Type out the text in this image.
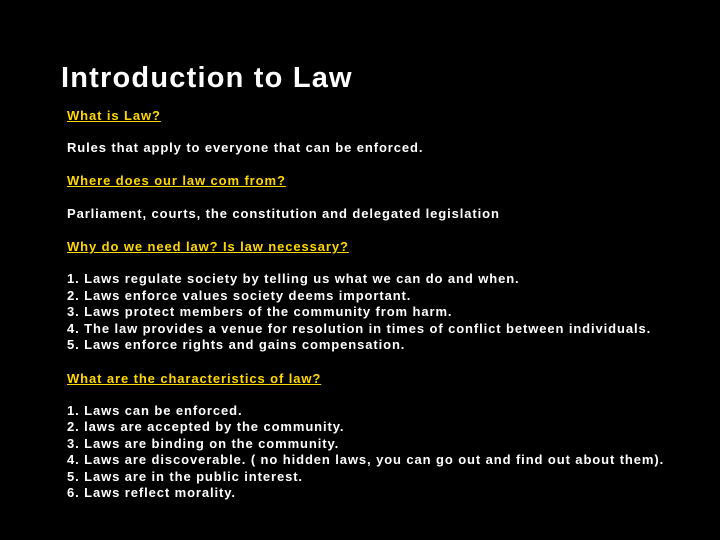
Introduction to Law
What is Law?
Rules that apply to everyone that can be enforced.
Where does our law com from?
Parliament, courts, the constitution and delegated legislation
Why do we need law? Is law necessary?
1. Laws regulate society by telling us what we can do and when.
2. Laws enforce values society deems important.
3. Laws protect members of the community from harm.
4. The law provides a venue for resolution in times of conflict between individuals.
5. Laws enforce rights and gains compensation.
What are the characteristics of law?
1. Laws can be enforced.
2. laws are accepted by the community.
3. Laws are binding on the community.
4. Laws are discoverable. ( no hidden laws, you can go out and find out about them).
5. Laws are in the public interest.
6. Laws reflect morality.
